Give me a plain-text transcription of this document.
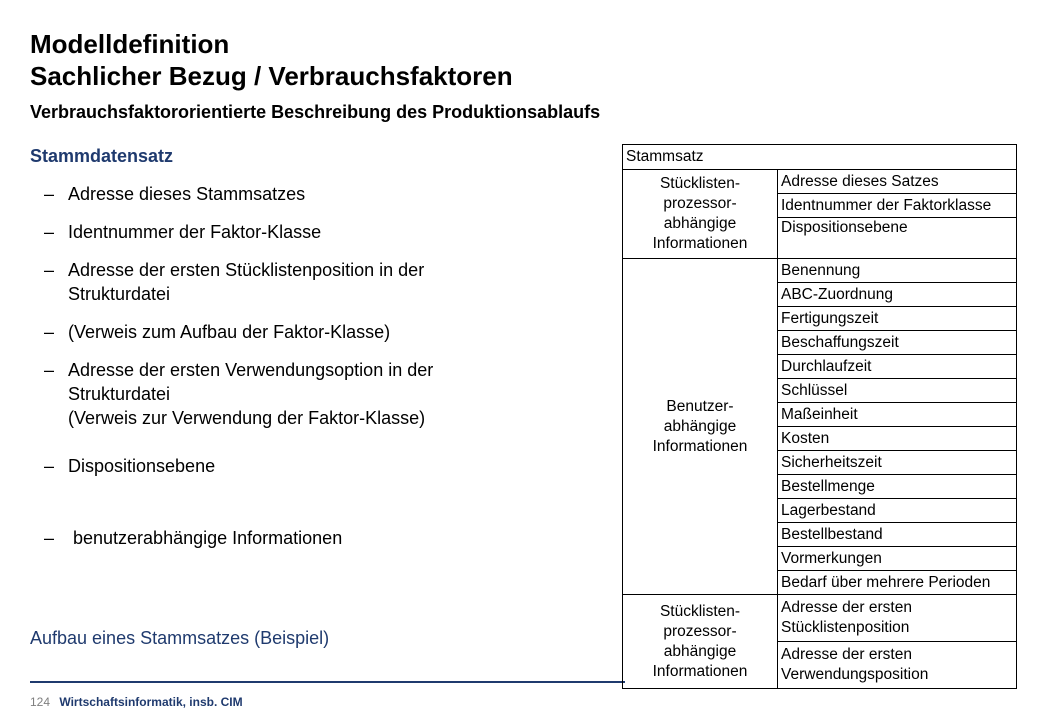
Modelldefinition
Sachlicher Bezug / Verbrauchsfaktoren
Verbrauchsfaktororientierte Beschreibung des Produktionsablaufs
Stammdatensatz
– Adresse dieses Stammsatzes
– Identnummer der Faktor-Klasse
– Adresse der ersten Stücklistenposition in der
Strukturdatei
– (Verweis zum Aufbau der Faktor-Klasse)
– Adresse der ersten Verwendungsoption in der
Strukturdatei
(Verweis zur Verwendung der Faktor-Klasse)
– Dispositionsebene
– benutzerabhängige Informationen
Aufbau eines Stammsatzes (Beispiel)
124 Wirtschaftsinformatik, insb. CIM
Stammsatz	
Stücklisten-
prozessor-
abhängige
Informationen	Adresse dieses Satzes
	Identnummer der Faktorklasse
	Dispositionsebene
Benutzer-
abhängige
Informationen	Benennung
	ABC-Zuordnung
	Fertigungszeit
	Beschaffungszeit
	Durchlaufzeit
	Schlüssel
	Maßeinheit
	Kosten
	Sicherheitszeit
	Bestellmenge
	Lagerbestand
	Bestellbestand
	Vormerkungen
	Bedarf über mehrere Perioden
Stücklisten-
prozessor-
abhängige
Informationen	Adresse der ersten
Stücklistenposition
	Adresse der ersten
Verwendungsposition
